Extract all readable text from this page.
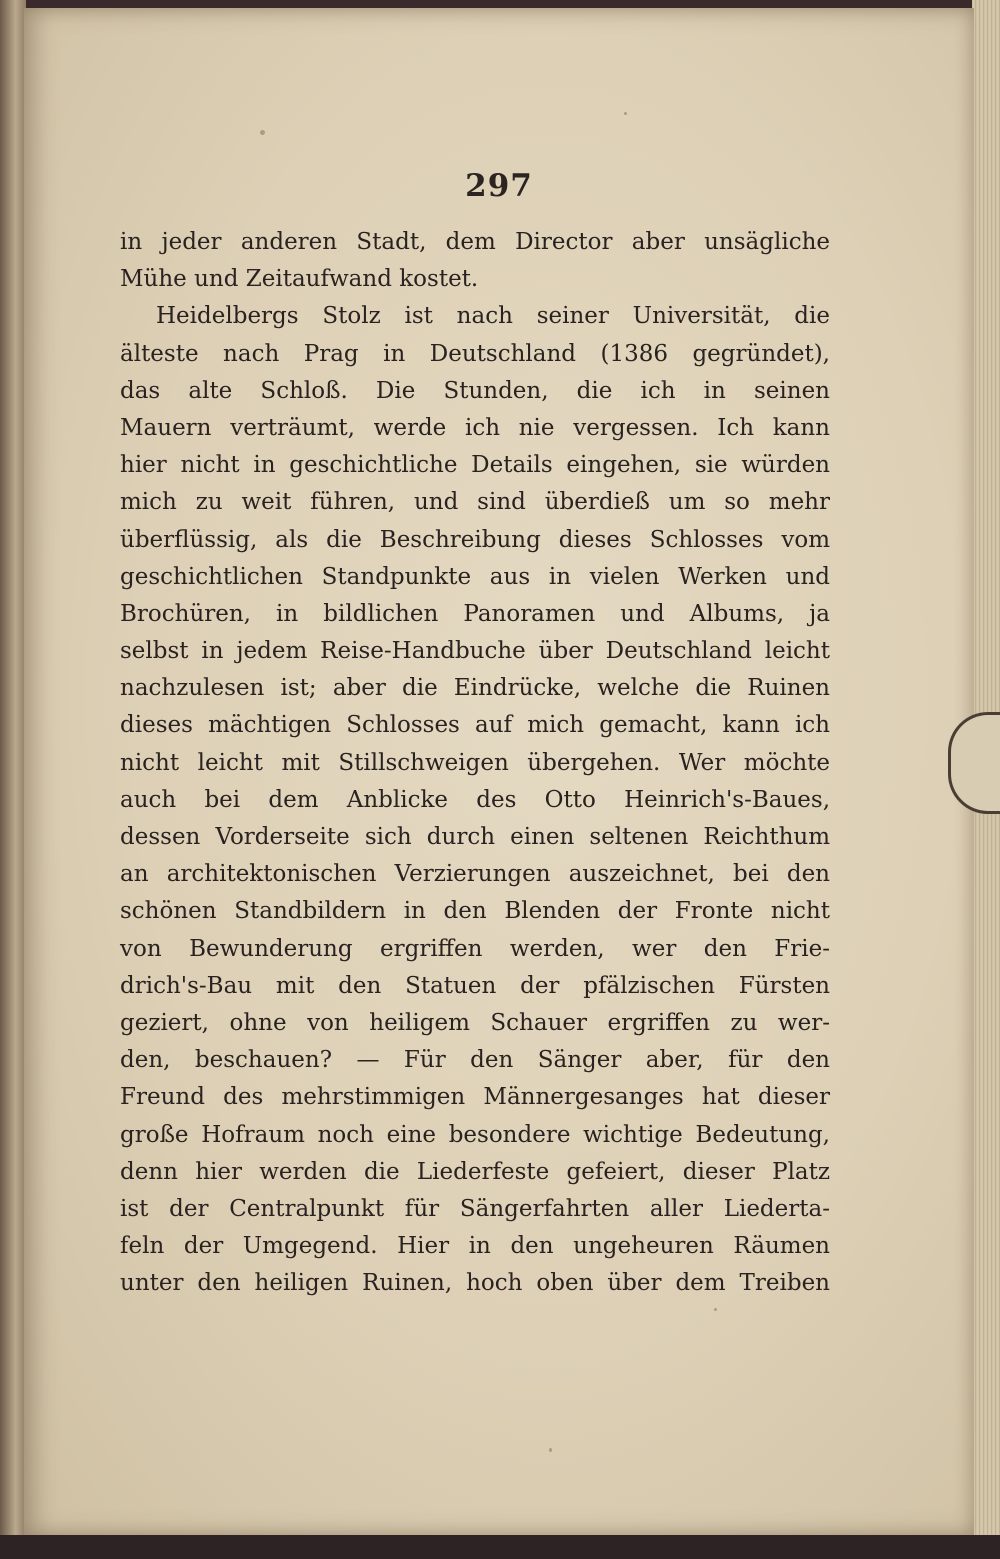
297
in jeder anderen Stadt, dem Director aber unsägliche
Mühe und Zeitaufwand kostet.
Heidelbergs Stolz ist nach seiner Universität, die
älteste nach Prag in Deutschland (1386 gegründet),
das alte Schloß. Die Stunden, die ich in seinen
Mauern verträumt, werde ich nie vergessen. Ich kann
hier nicht in geschichtliche Details eingehen, sie würden
mich zu weit führen, und sind überdieß um so mehr
überflüssig, als die Beschreibung dieses Schlosses vom
geschichtlichen Standpunkte aus in vielen Werken und
Brochüren, in bildlichen Panoramen und Albums, ja
selbst in jedem Reise-Handbuche über Deutschland leicht
nachzulesen ist; aber die Eindrücke, welche die Ruinen
dieses mächtigen Schlosses auf mich gemacht, kann ich
nicht leicht mit Stillschweigen übergehen. Wer möchte
auch bei dem Anblicke des Otto Heinrich's-Baues,
dessen Vorderseite sich durch einen seltenen Reichthum
an architektonischen Verzierungen auszeichnet, bei den
schönen Standbildern in den Blenden der Fronte nicht
von Bewunderung ergriffen werden, wer den Frie-
drich's-Bau mit den Statuen der pfälzischen Fürsten
geziert, ohne von heiligem Schauer ergriffen zu wer-
den, beschauen? — Für den Sänger aber, für den
Freund des mehrstimmigen Männergesanges hat dieser
große Hofraum noch eine besondere wichtige Bedeutung,
denn hier werden die Liederfeste gefeiert, dieser Platz
ist der Centralpunkt für Sängerfahrten aller Liederta-
feln der Umgegend. Hier in den ungeheuren Räumen
unter den heiligen Ruinen, hoch oben über dem Treiben
